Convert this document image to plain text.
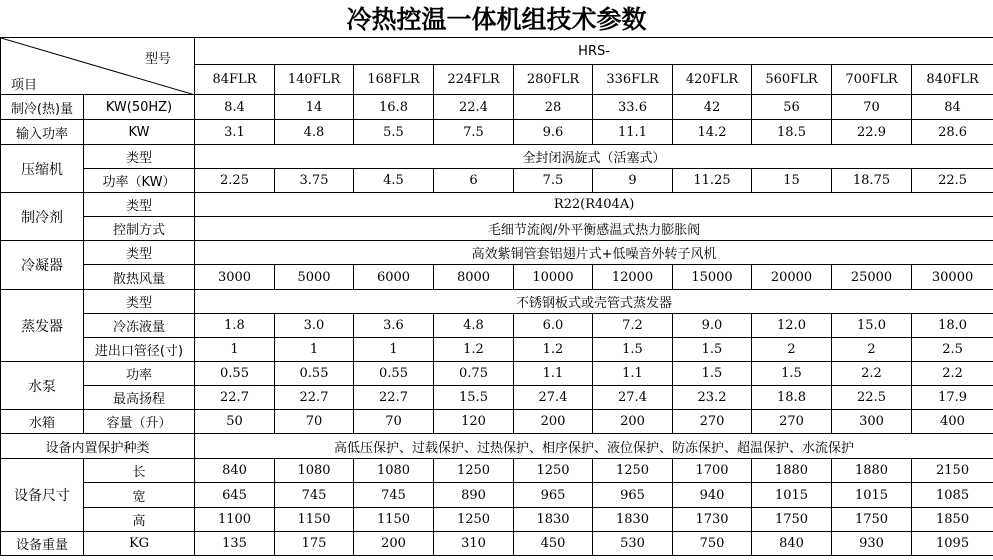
冷热控温一体机组技术参数
型号
项目		HRS-									
		84FLR	140FLR	168FLR	224FLR	280FLR	336FLR	420FLR	560FLR	700FLR	840FLR
制冷(热)量	KW(50HZ)	8.4	14	16.8	22.4	28	33.6	42	56	70	84
输入功率	KW	3.1	4.8	5.5	7.5	9.6	11.1	14.2	18.5	22.9	28.6
压缩机	类型	全封闭涡旋式（活塞式）									
	功率（KW）	2.25	3.75	4.5	6	7.5	9	11.25	15	18.75	22.5
制冷剂	类型	R22(R404A)									
	控制方式	毛细节流阀/外平衡感温式热力膨胀阀									
冷凝器	类型	高效紫铜管套铝翅片式+低噪音外转子风机									
	散热风量	3000	5000	6000	8000	10000	12000	15000	20000	25000	30000
蒸发器	类型	不锈钢板式或壳管式蒸发器									
	冷冻液量	1.8	3.0	3.6	4.8	6.0	7.2	9.0	12.0	15.0	18.0
	进出口管径(寸)	1	1	1	1.2	1.2	1.5	1.5	2	2	2.5
水泵	功率	0.55	0.55	0.55	0.75	1.1	1.1	1.5	1.5	2.2	2.2
	最高扬程	22.7	22.7	22.7	15.5	27.4	27.4	23.2	18.8	22.5	17.9
水箱	容量（升）	50	70	70	120	200	200	270	270	300	400
设备内置保护种类		高低压保护、过载保护、过热保护、相序保护、液位保护、防冻保护、超温保护、水流保护									
设备尺寸	长	840	1080	1080	1250	1250	1250	1700	1880	1880	2150
	宽	645	745	745	890	965	965	940	1015	1015	1085
	高	1100	1150	1150	1250	1830	1830	1730	1750	1750	1850
设备重量	KG	135	175	200	310	450	530	750	840	930	1095
